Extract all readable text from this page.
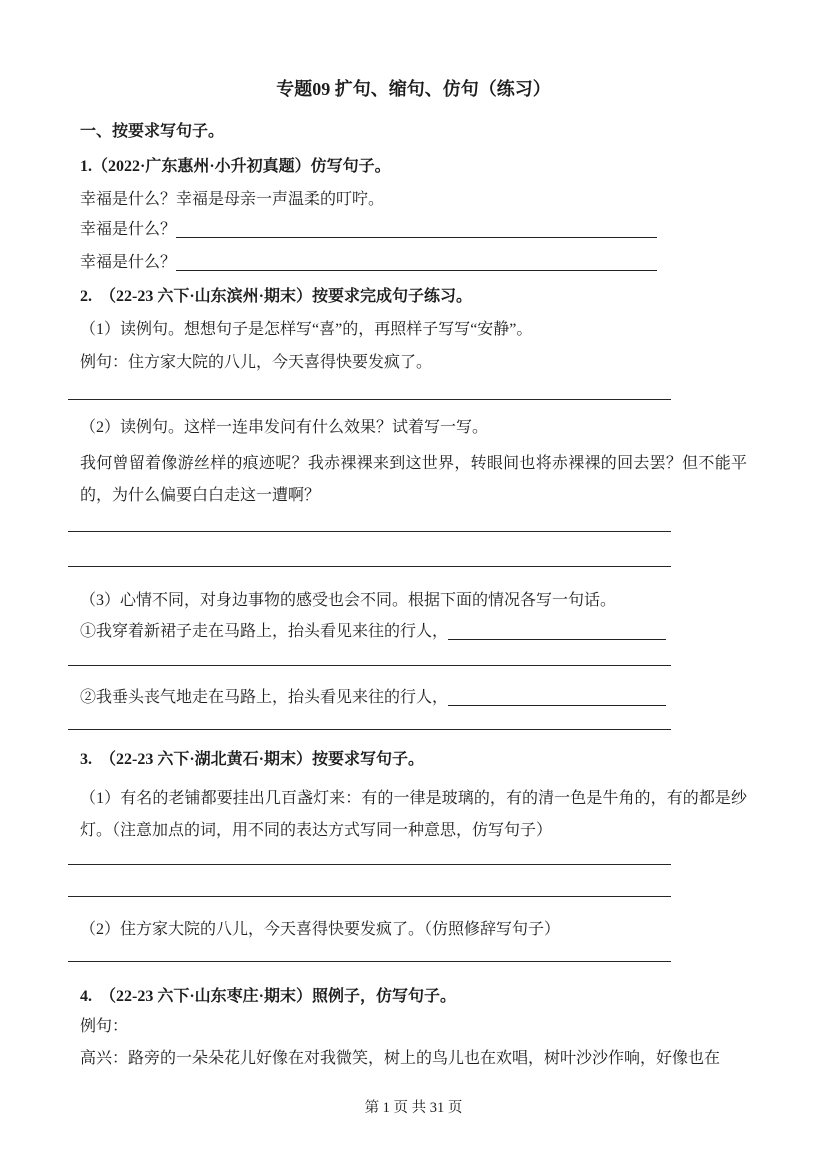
专题09 扩句、缩句、仿句（练习）
一、按要求写句子。
1.（2022·广东惠州·小升初真题）仿写句子。
幸福是什么？幸福是母亲一声温柔的叮咛。
幸福是什么？
幸福是什么？
2.　（22-23 六下·山东滨州·期末）按要求完成句子练习。
（1）读例句。想想句子是怎样写“喜”的，再照样子写写“安静”。
例句：住方家大院的八儿，今天喜得快要发疯了。
（2）读例句。这样一连串发问有什么效果？试着写一写。
我何曾留着像游丝样的痕迹呢？我赤裸裸来到这世界，转眼间也将赤裸裸的回去罢？但不能平的，为什么偏要白白走这一遭啊？
（3）心情不同，对身边事物的感受也会不同。根据下面的情况各写一句话。
①我穿着新裙子走在马路上，抬头看见来往的行人，
②我垂头丧气地走在马路上，抬头看见来往的行人，
3.　（22-23 六下·湖北黄石·期末）按要求写句子。
（1）有名的老铺都要挂出几百盏灯来：有的一律是玻璃的，有的清一色是牛角的，有的都是纱灯。（注意加点的词，用不同的表达方式写同一种意思，仿写句子）
（2）住方家大院的八儿，今天喜得快要发疯了。（仿照修辞写句子）
4.　（22-23 六下·山东枣庄·期末）照例子，仿写句子。
例句：
高兴：路旁的一朵朵花儿好像在对我微笑，树上的鸟儿也在欢唱，树叶沙沙作响，好像也在
第 1 页 共 31 页
